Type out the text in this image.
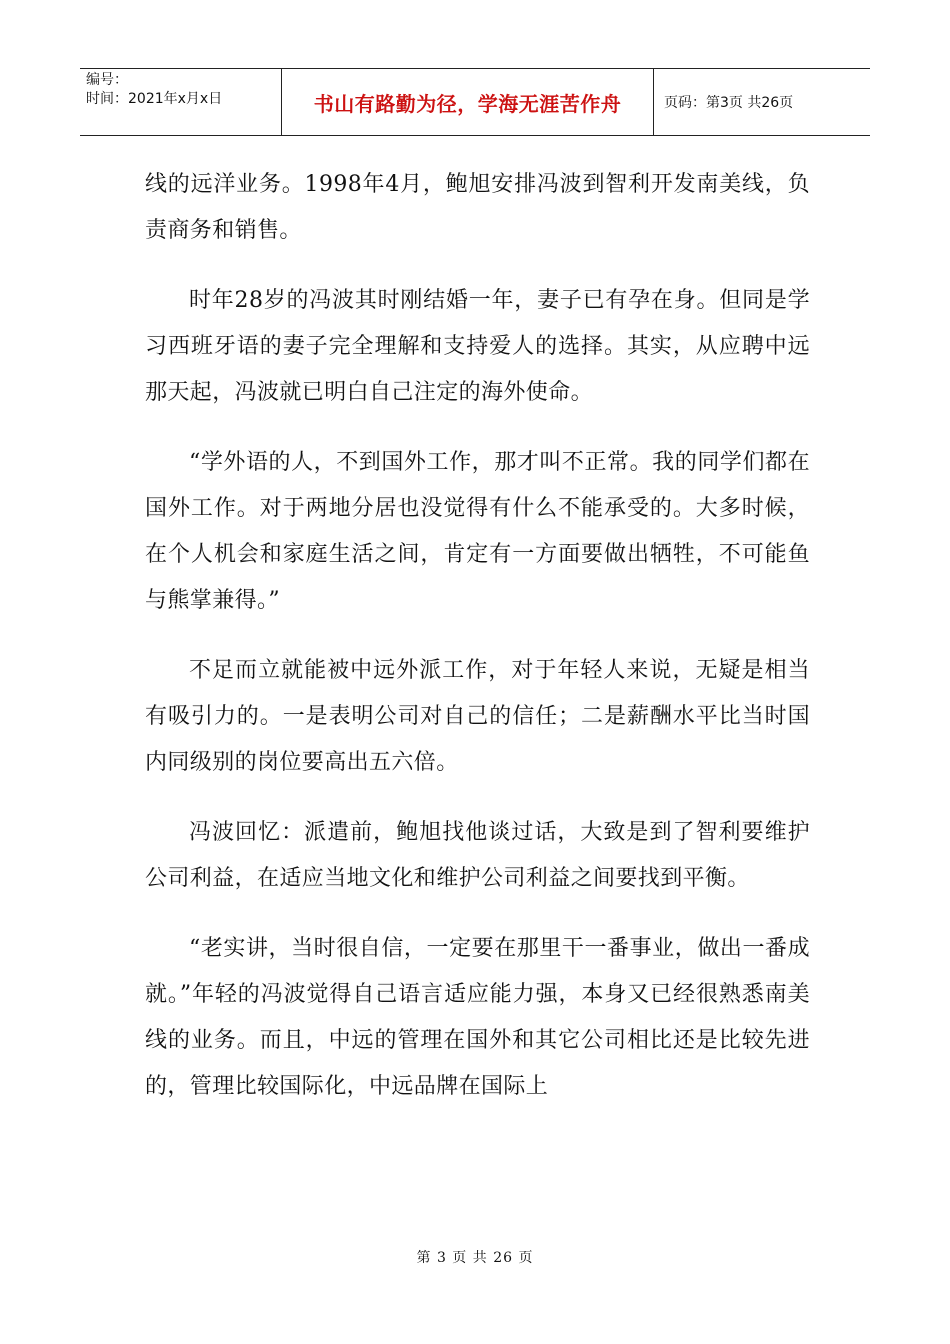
编号：
时间：2021年x月x日	书山有路勤为径，学海无涯苦作舟	页码：第3页 共26页

线的远洋业务。1998年4月，鲍旭安排冯波到智利开发南美线，负责商务和销售。

时年28岁的冯波其时刚结婚一年，妻子已有孕在身。但同是学习西班牙语的妻子完全理解和支持爱人的选择。其实，从应聘中远那天起，冯波就已明白自己注定的海外使命。

“学外语的人，不到国外工作，那才叫不正常。我的同学们都在国外工作。对于两地分居也没觉得有什么不能承受的。大多时候，在个人机会和家庭生活之间，肯定有一方面要做出牺牲，不可能鱼与熊掌兼得。”

不足而立就能被中远外派工作，对于年轻人来说，无疑是相当有吸引力的。一是表明公司对自己的信任；二是薪酬水平比当时国内同级别的岗位要高出五六倍。

冯波回忆：派遣前，鲍旭找他谈过话，大致是到了智利要维护公司利益，在适应当地文化和维护公司利益之间要找到平衡。

“老实讲，当时很自信，一定要在那里干一番事业，做出一番成就。”年轻的冯波觉得自己语言适应能力强，本身又已经很熟悉南美线的业务。而且，中远的管理在国外和其它公司相比还是比较先进的，管理比较国际化，中远品牌在国际上

第 3 页 共 26 页
